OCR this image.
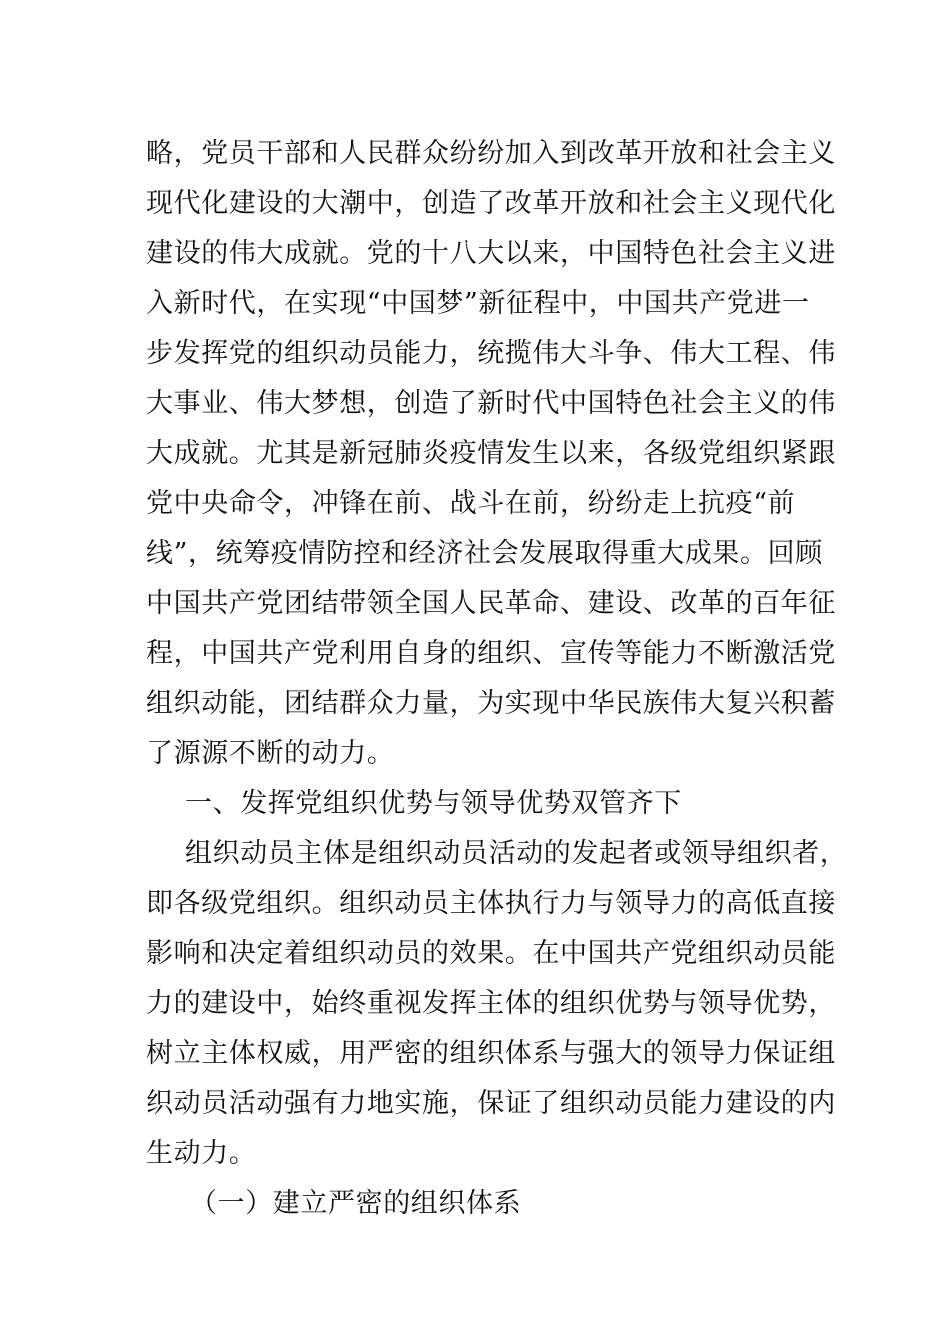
略，党员干部和人民群众纷纷加入到改革开放和社会主义
现代化建设的大潮中，创造了改革开放和社会主义现代化
建设的伟大成就。党的十八大以来，中国特色社会主义进
入新时代，在实现“中国梦”新征程中，中国共产党进一
步发挥党的组织动员能力，统揽伟大斗争、伟大工程、伟
大事业、伟大梦想，创造了新时代中国特色社会主义的伟
大成就。尤其是新冠肺炎疫情发生以来，各级党组织紧跟
党中央命令，冲锋在前、战斗在前，纷纷走上抗疫“前
线”，统筹疫情防控和经济社会发展取得重大成果。回顾
中国共产党团结带领全国人民革命、建设、改革的百年征
程，中国共产党利用自身的组织、宣传等能力不断激活党
组织动能，团结群众力量，为实现中华民族伟大复兴积蓄
了源源不断的动力。
一、发挥党组织优势与领导优势双管齐下
组织动员主体是组织动员活动的发起者或领导组织者，
即各级党组织。组织动员主体执行力与领导力的高低直接
影响和决定着组织动员的效果。在中国共产党组织动员能
力的建设中，始终重视发挥主体的组织优势与领导优势，
树立主体权威，用严密的组织体系与强大的领导力保证组
织动员活动强有力地实施，保证了组织动员能力建设的内
生动力。
（一）建立严密的组织体系
